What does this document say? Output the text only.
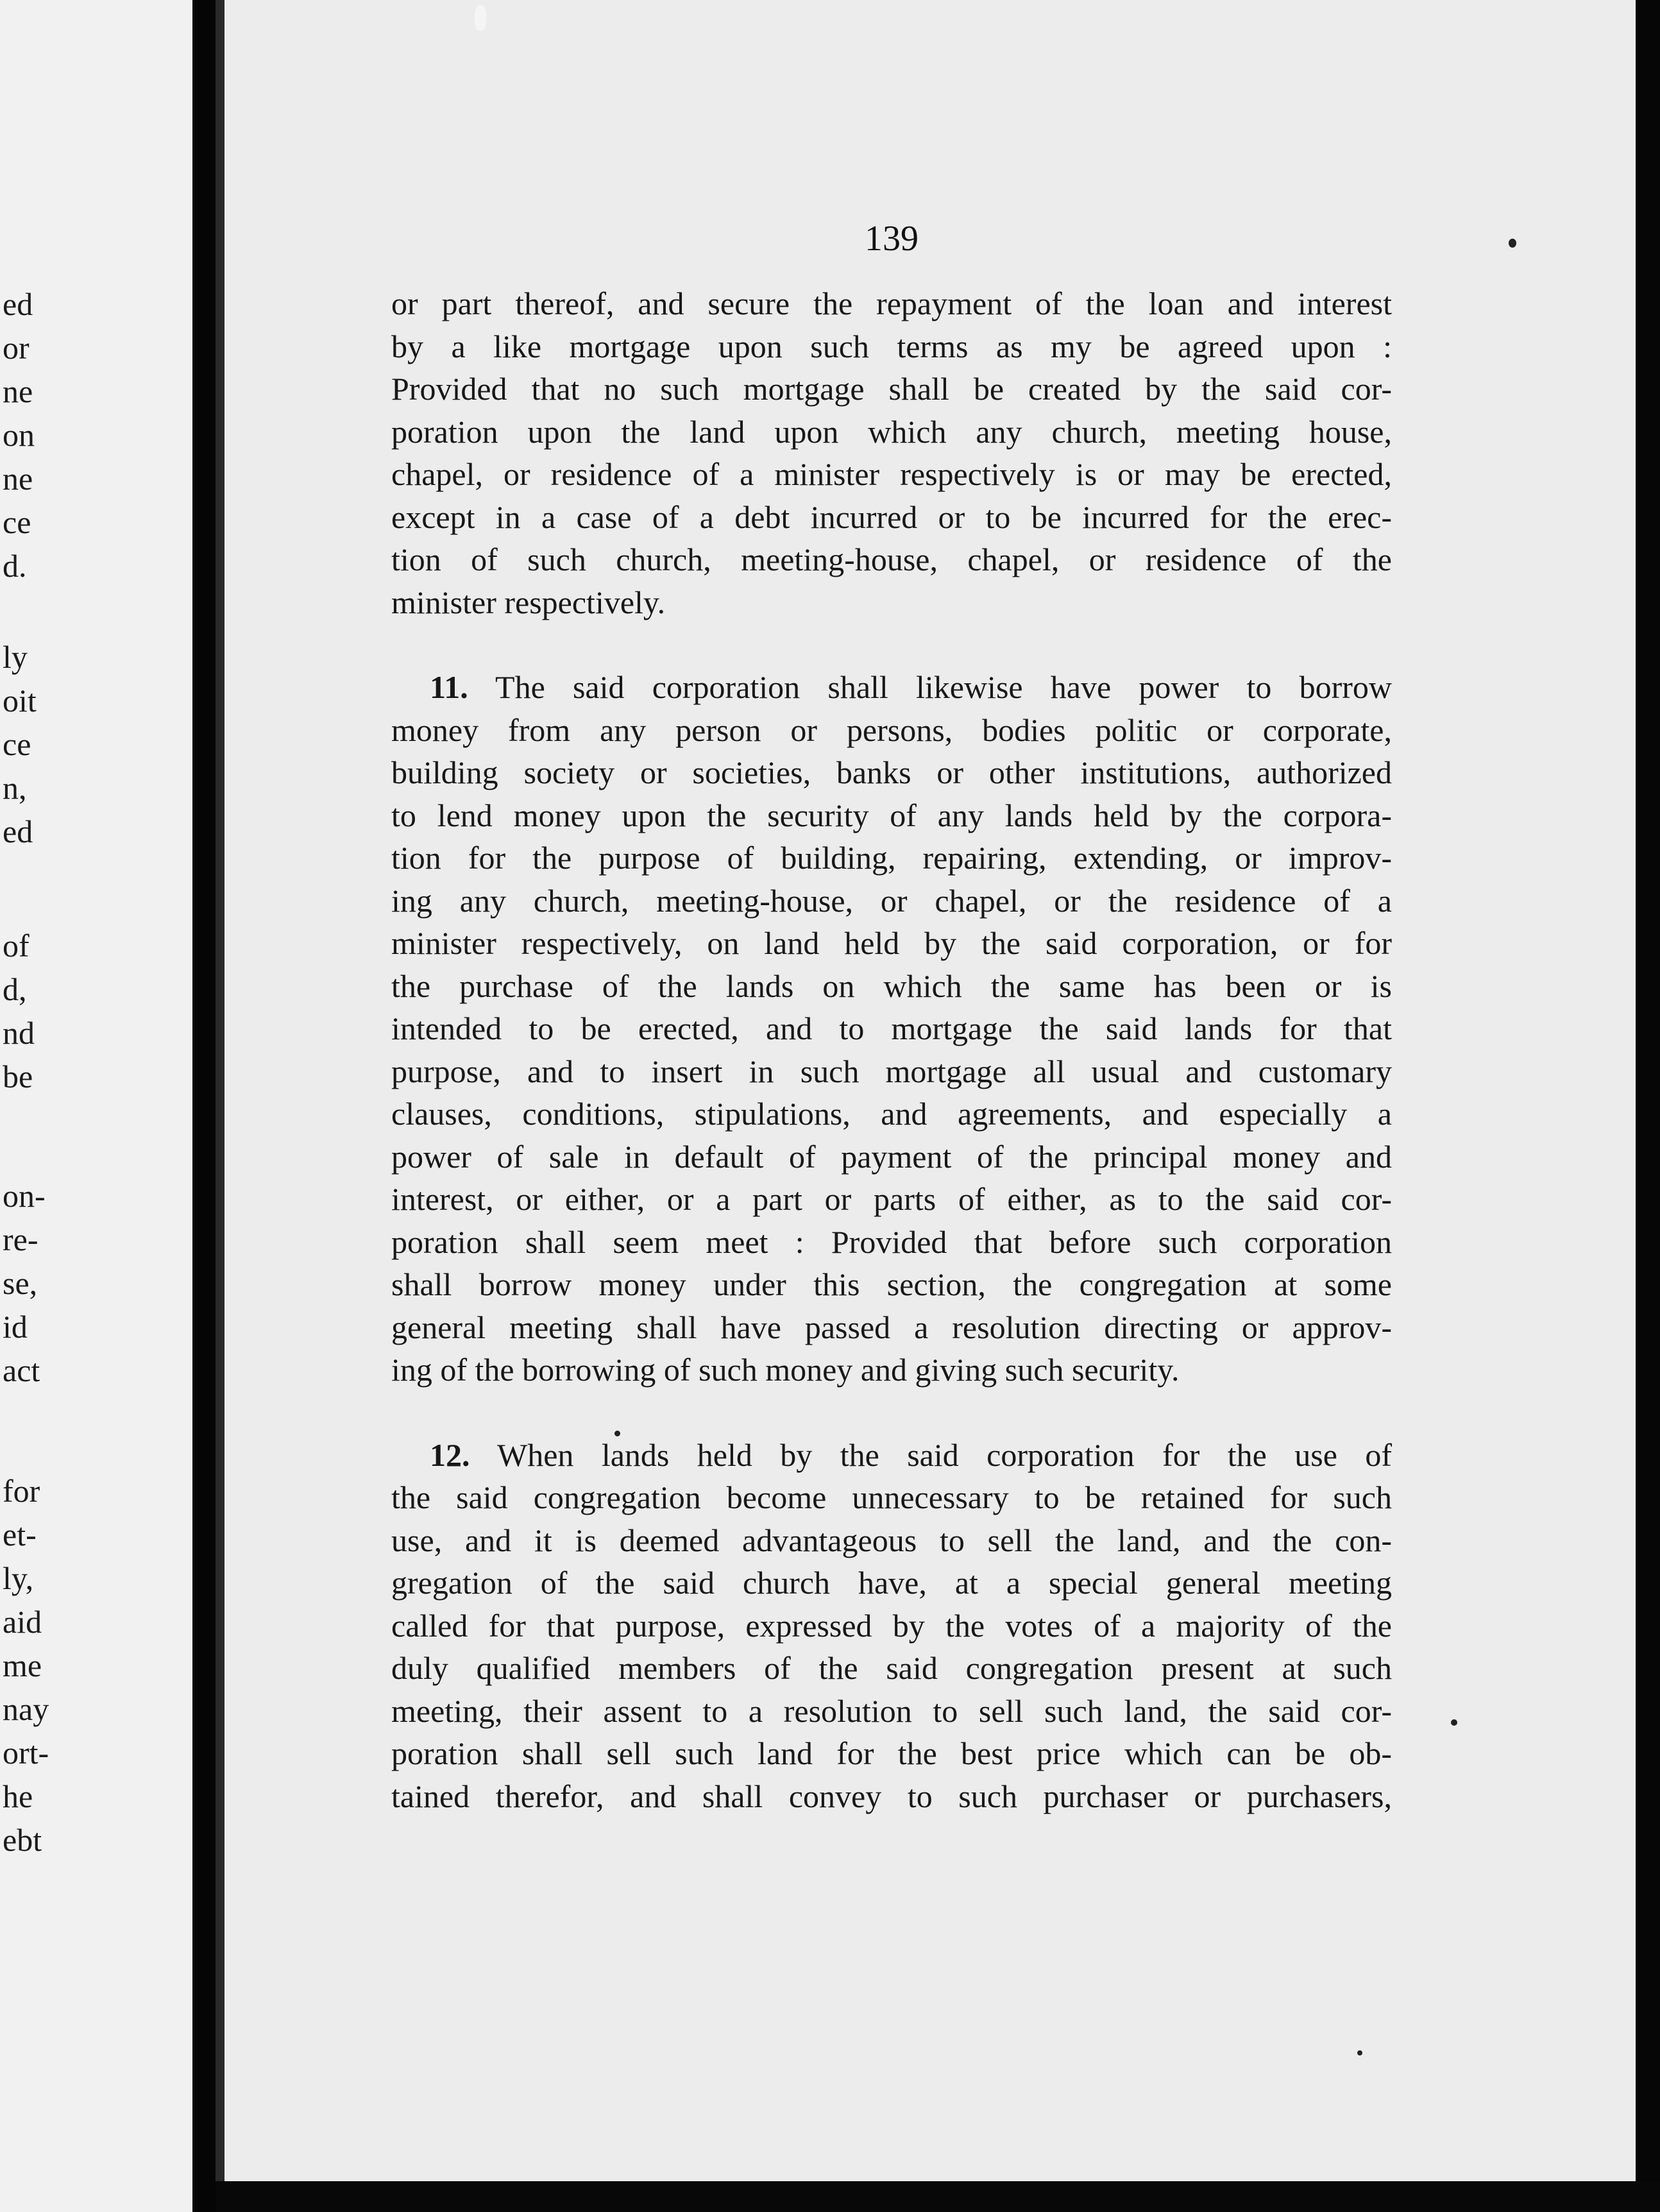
ed
or
ne
on
ne
ce
d.
ly
oit
ce
n,
ed
of
d,
nd
be
on-
re-
se,
id
act
for
et-
ly,
aid
me
nay
ort-
he
ebt
139
or part thereof, and secure the repayment of the loan and interest
by a like mortgage upon such terms as my be agreed upon :
Provided that no such mortgage shall be created by the said cor-
poration upon the land upon which any church, meeting house,
chapel, or residence of a minister respectively is or may be erected,
except in a case of a debt incurred or to be incurred for the erec-
tion of such church, meeting-house, chapel, or residence of the
minister respectively.
11. The said corporation shall likewise have power to borrow
money from any person or persons, bodies politic or corporate,
building society or societies, banks or other institutions, authorized
to lend money upon the security of any lands held by the corpora-
tion for the purpose of building, repairing, extending, or improv-
ing any church, meeting-house, or chapel, or the residence of a
minister respectively, on land held by the said corporation, or for
the purchase of the lands on which the same has been or is
intended to be erected, and to mortgage the said lands for that
purpose, and to insert in such mortgage all usual and customary
clauses, conditions, stipulations, and agreements, and especially a
power of sale in default of payment of the principal money and
interest, or either, or a part or parts of either, as to the said cor-
poration shall seem meet : Provided that before such corporation
shall borrow money under this section, the congregation at some
general meeting shall have passed a resolution directing or approv-
ing of the borrowing of such money and giving such security.
12. When lands held by the said corporation for the use of
the said congregation become unnecessary to be retained for such
use, and it is deemed advantageous to sell the land, and the con-
gregation of the said church have, at a special general meeting
called for that purpose, expressed by the votes of a majority of the
duly qualified members of the said congregation present at such
meeting, their assent to a resolution to sell such land, the said cor-
poration shall sell such land for the best price which can be ob-
tained therefor, and shall convey to such purchaser or purchasers,
